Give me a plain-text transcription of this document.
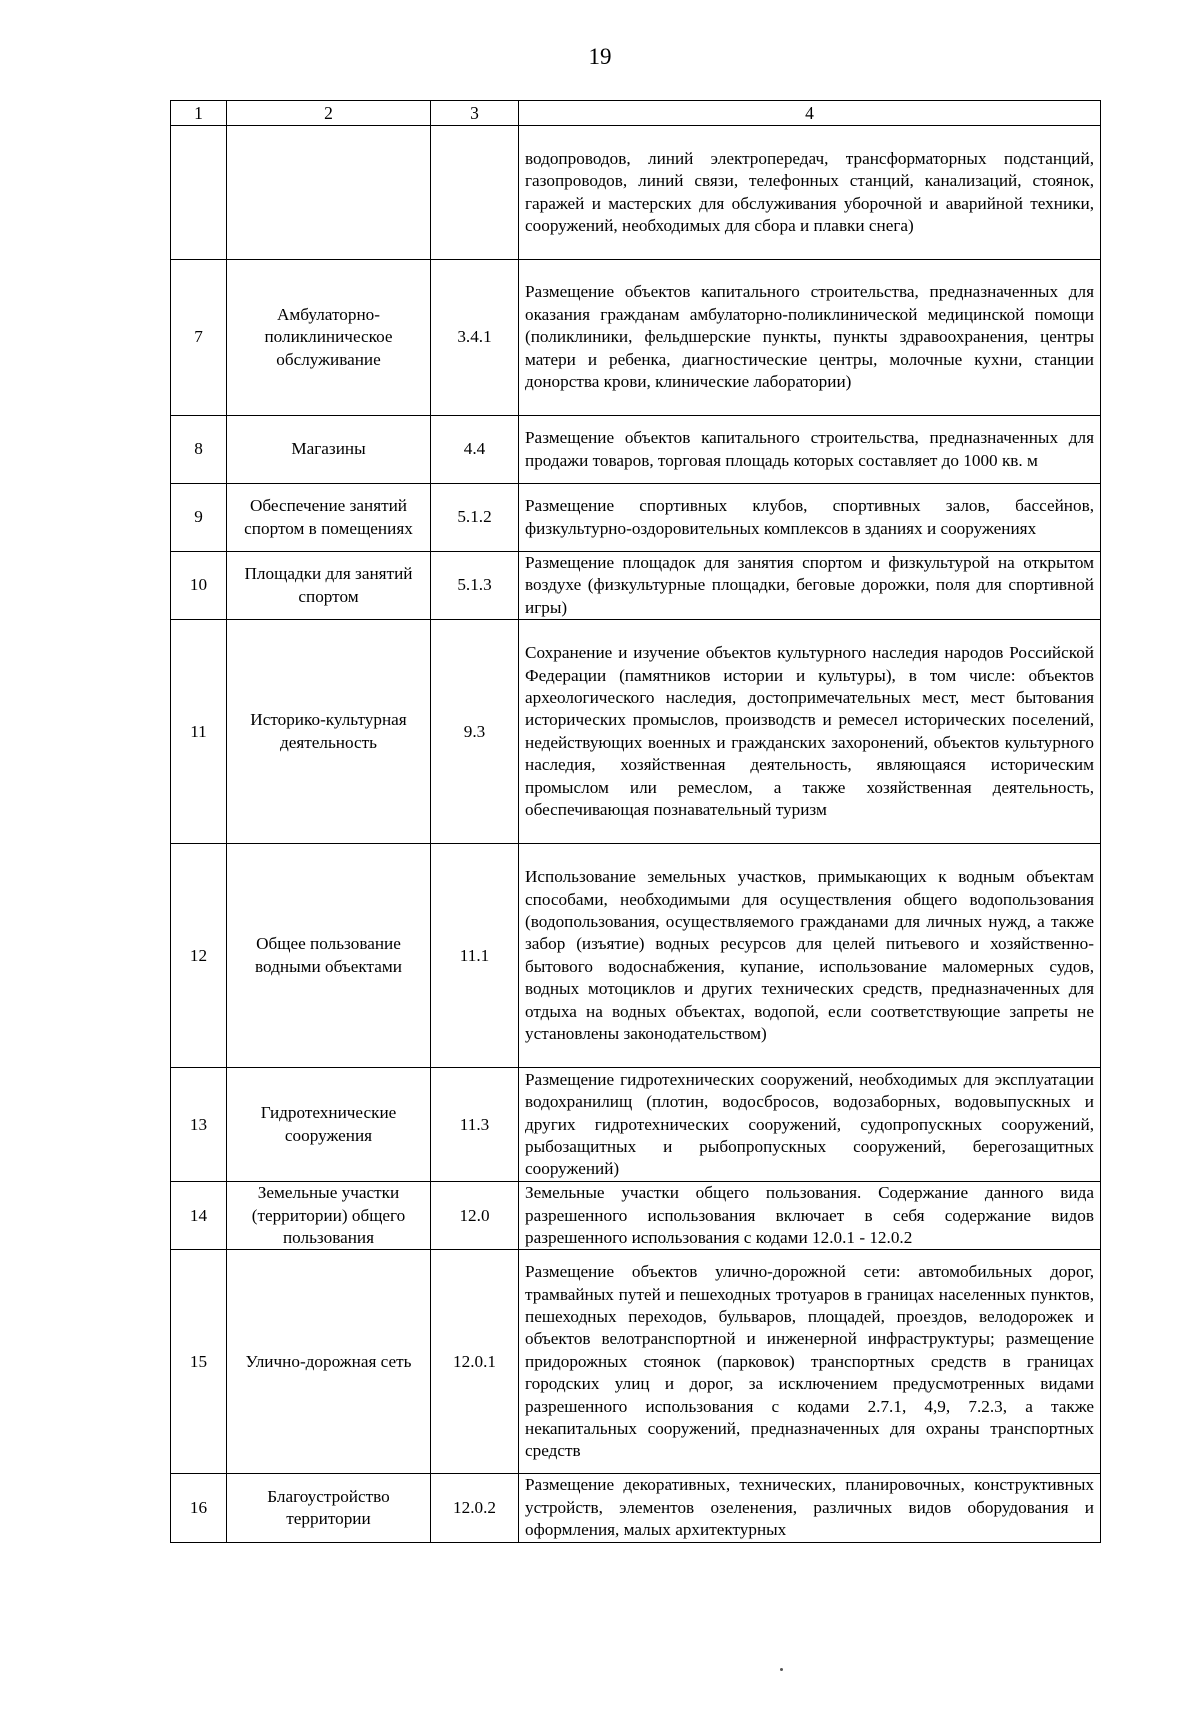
19
1	2	3	4
			водопроводов, линий электропередач, трансформаторных подстанций, газопроводов, линий связи, телефонных станций, канализаций, стоянок, гаражей и мастерских для обслуживания уборочной и аварийной техники, сооружений, необходимых для сбора и плавки снега)
7	Амбулаторно-поликлиническое обслуживание	3.4.1	Размещение объектов капитального строительства, предназначенных для оказания гражданам амбулаторно-поликлинической медицинской помощи (поликлиники, фельдшерские пункты, пункты здравоохранения, центры матери и ребенка, диагностические центры, молочные кухни, станции донорства крови, клинические лаборатории)
8	Магазины	4.4	Размещение объектов капитального строительства, предназначенных для продажи товаров, торговая площадь которых составляет до 1000 кв. м
9	Обеспечение занятий спортом в помещениях	5.1.2	Размещение спортивных клубов, спортивных залов, бассейнов, физкультурно-оздоровительных комплексов в зданиях и сооружениях
10	Площадки для занятий спортом	5.1.3	Размещение площадок для занятия спортом и физкультурой на открытом воздухе (физкультурные площадки, беговые дорожки, поля для спортивной игры)
11	Историко-культурная деятельность	9.3	Сохранение и изучение объектов культурного наследия народов Российской Федерации (памятников истории и культуры), в том числе: объектов археологического наследия, достопримечательных мест, мест бытования исторических промыслов, производств и ремесел исторических поселений, недействующих военных и гражданских захоронений, объектов культурного наследия, хозяйственная деятельность, являющаяся историческим промыслом или ремеслом, а также хозяйственная деятельность, обеспечивающая познавательный туризм
12	Общее пользование водными объектами	11.1	Использование земельных участков, примыкающих к водным объектам способами, необходимыми для осуществления общего водопользования (водопользования, осуществляемого гражданами для личных нужд, а также забор (изъятие) водных ресурсов для целей питьевого и хозяйственно-бытового водоснабжения, купание, использование маломерных судов, водных мотоциклов и других технических средств, предназначенных для отдыха на водных объектах, водопой, если соответствующие запреты не установлены законодательством)
13	Гидротехнические сооружения	11.3	Размещение гидротехнических сооружений, необходимых для эксплуатации водохранилищ (плотин, водосбросов, водозаборных, водовыпускных и других гидротехнических сооружений, судопропускных сооружений, рыбозащитных и рыбопропускных сооружений, берегозащитных сооружений)
14	Земельные участки (территории) общего пользования	12.0	Земельные участки общего пользования. Содержание данного вида разрешенного использования включает в себя содержание видов разрешенного использования с кодами 12.0.1 - 12.0.2
15	Улично-дорожная сеть	12.0.1	Размещение объектов улично-дорожной сети: автомобильных дорог, трамвайных путей и пешеходных тротуаров в границах населенных пунктов, пешеходных переходов, бульваров, площадей, проездов, велодорожек и объектов велотранспортной и инженерной инфраструктуры; размещение придорожных стоянок (парковок) транспортных средств в границах городских улиц и дорог, за исключением предусмотренных видами разрешенного использования с кодами 2.7.1, 4,9, 7.2.3, а также некапитальных сооружений, предназначенных для охраны транспортных средств
16	Благоустройство территории	12.0.2	Размещение декоративных, технических, планировочных, конструктивных устройств, элементов озеленения, различных видов оборудования и оформления, малых архитектурных
